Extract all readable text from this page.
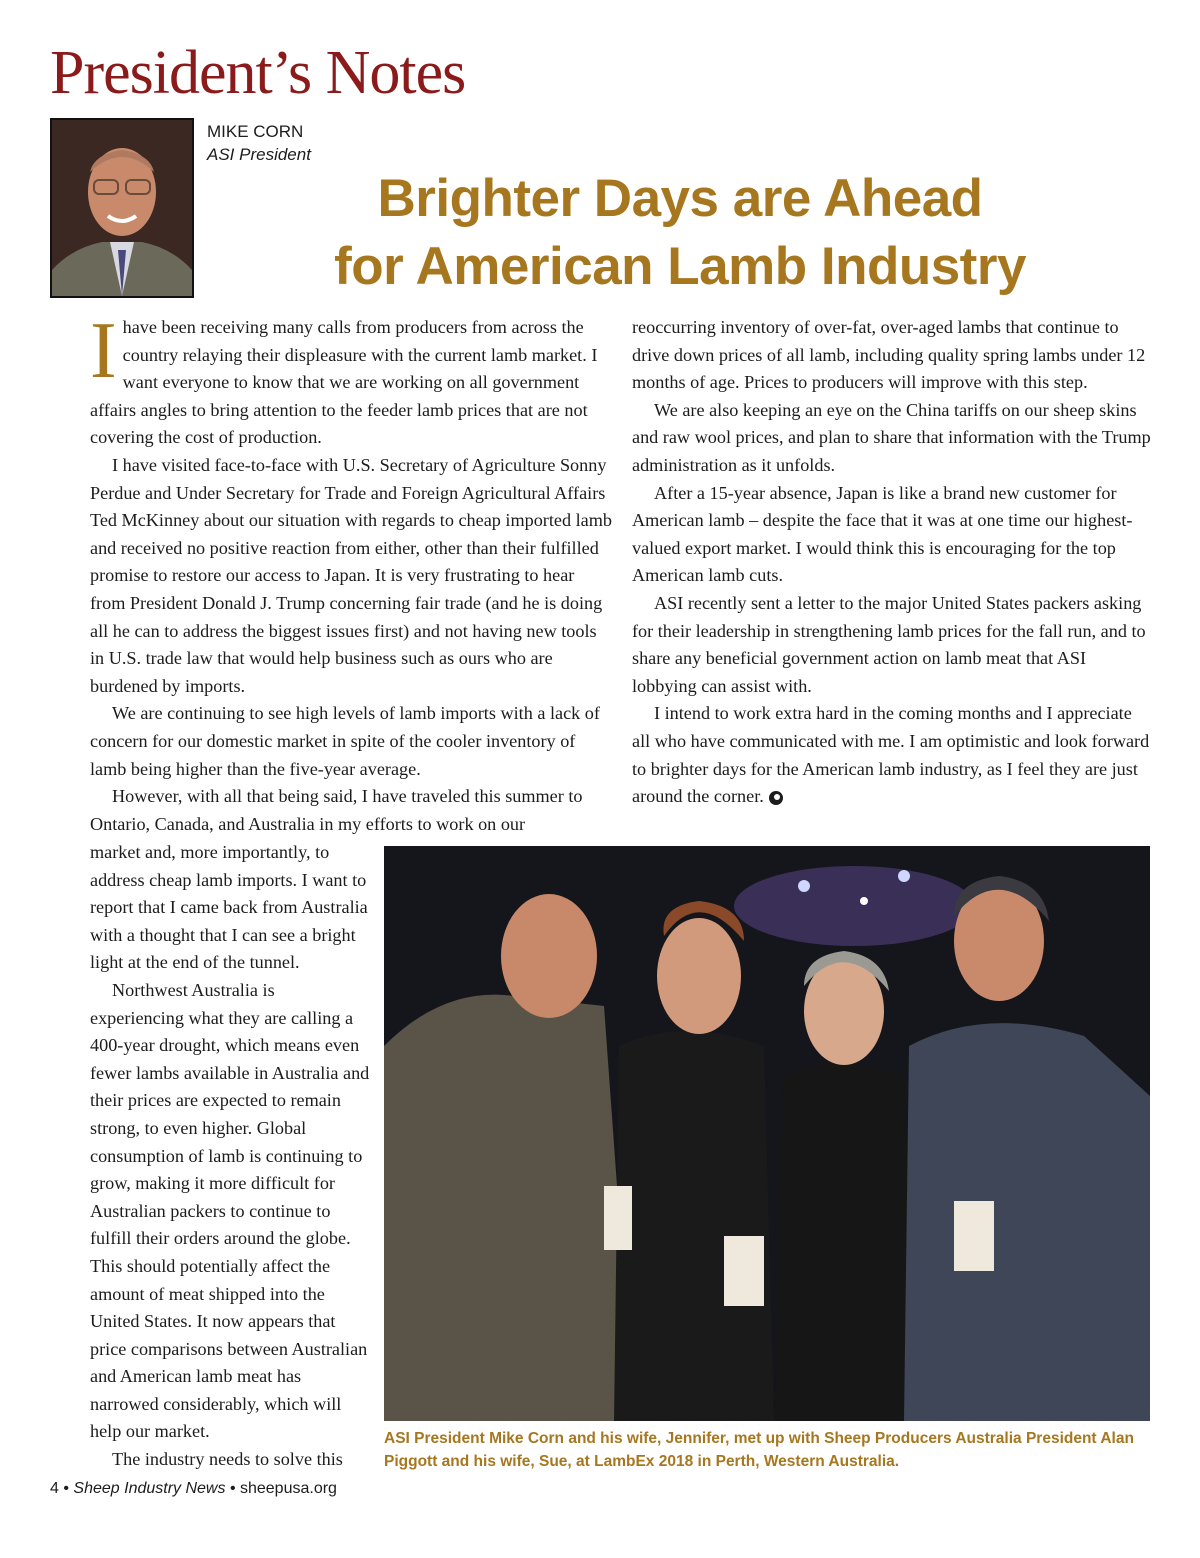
President’s Notes
MIKE CORN
ASI President
Brighter Days are Ahead
for American Lamb Industry

Ihave been receiving many calls from producers from across the country relaying their displeasure with the current lamb market. I want everyone to know that we are working on all government affairs angles to bring attention to the feeder lamb prices that are not covering the cost of production.

I have visited face-to-face with U.S. Secretary of Agriculture Sonny Perdue and Under Secretary for Trade and Foreign Agricultural Affairs Ted McKinney about our situation with regards to cheap imported lamb and received no positive reaction from either, other than their fulfilled promise to restore our access to Japan. It is very frustrating to hear from President Donald J. Trump concerning fair trade (and he is doing all he can to address the biggest issues first) and not having new tools in U.S. trade law that would help business such as ours who are burdened by imports.

We are continuing to see high levels of lamb imports with a lack of concern for our domestic market in spite of the cooler inventory of lamb being higher than the five-year average.

However, with all that being said, I have traveled this summer to Ontario, Canada, and Australia in my efforts to work on our

market and, more importantly, to address cheap lamb imports. I want to report that I came back from Australia with a thought that I can see a bright light at the end of the tunnel.

Northwest Australia is experiencing what they are calling a 400-year drought, which means even fewer lambs available in Australia and their prices are expected to remain strong, to even higher. Global consumption of lamb is continuing to grow, making it more difficult for Australian packers to continue to fulfill their orders around the globe. This should potentially affect the amount of meat shipped into the United States. It now appears that price comparisons between Australian and American lamb meat has narrowed considerably, which will help our market.

The industry needs to solve this

reoccurring inventory of over-fat, over-aged lambs that continue to drive down prices of all lamb, including quality spring lambs under 12 months of age. Prices to producers will improve with this step.

We are also keeping an eye on the China tariffs on our sheep skins and raw wool prices, and plan to share that information with the Trump administration as it unfolds.

After a 15-year absence, Japan is like a brand new customer for American lamb – despite the face that it was at one time our highest-valued export market. I would think this is encouraging for the top American lamb cuts.

ASI recently sent a letter to the major United States packers asking for their leadership in strengthening lamb prices for the fall run, and to share any beneficial government action on lamb meat that ASI lobbying can assist with.

I intend to work extra hard in the coming months and I appreciate all who have communicated with me. I am optimistic and look forward to brighter days for the American lamb industry, as I feel they are just around the corner.

ASI President Mike Corn and his wife, Jennifer, met up with Sheep Producers Australia President Alan Piggott and his wife, Sue, at LambEx 2018 in Perth, Western Australia.
4 • Sheep Industry News • sheepusa.org
